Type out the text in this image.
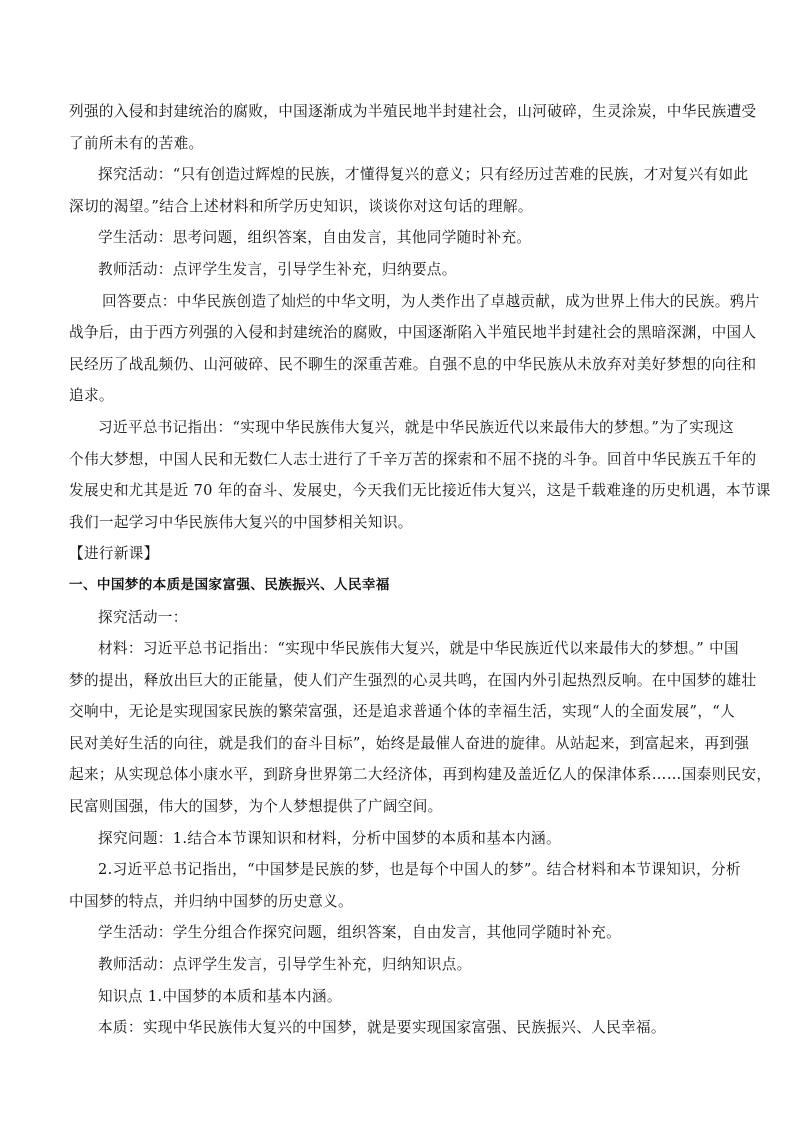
列强的入侵和封建统治的腐败，中国逐渐成为半殖民地半封建社会，山河破碎，生灵涂炭，中华民族遭受
了前所未有的苦难。
探究活动：“只有创造过辉煌的民族，才懂得复兴的意义；只有经历过苦难的民族，才对复兴有如此
深切的渴望。”结合上述材料和所学历史知识，谈谈你对这句话的理解。
学生活动：思考问题，组织答案，自由发言，其他同学随时补充。
教师活动：点评学生发言，引导学生补充，归纳要点。
回答要点：中华民族创造了灿烂的中华文明，为人类作出了卓越贡献，成为世界上伟大的民族。鸦片
战争后，由于西方列强的入侵和封建统治的腐败，中国逐渐陷入半殖民地半封建社会的黑暗深渊，中国人
民经历了战乱频仍、山河破碎、民不聊生的深重苦难。自强不息的中华民族从未放弃对美好梦想的向往和
追求。
习近平总书记指出：“实现中华民族伟大复兴，就是中华民族近代以来最伟大的梦想。”为了实现这
个伟大梦想，中国人民和无数仁人志士进行了千辛万苦的探索和不屈不挠的斗争。回首中华民族五千年的
发展史和尤其是近 70 年的奋斗、发展史，今天我们无比接近伟大复兴，这是千载难逢的历史机遇，本节课
我们一起学习中华民族伟大复兴的中国梦相关知识。
【进行新课】
一、中国梦的本质是国家富强、民族振兴、人民幸福
探究活动一：
材料：习近平总书记指出：“实现中华民族伟大复兴，就是中华民族近代以来最伟大的梦想。” 中国
梦的提出，释放出巨大的正能量，使人们产生强烈的心灵共鸣，在国内外引起热烈反响。在中国梦的雄壮
交响中，无论是实现国家民族的繁荣富强，还是追求普通个体的幸福生活，实现“人的全面发展”，“人
民对美好生活的向往，就是我们的奋斗目标”，始终是最催人奋进的旋律。从站起来，到富起来，再到强
起来；从实现总体小康水平，到跻身世界第二大经济体，再到构建及盖近亿人的保津体系……国泰则民安，
民富则国强，伟大的国梦，为个人梦想提供了广阔空间。
探究问题：1.结合本节课知识和材料，分析中国梦的本质和基本内涵。
2.习近平总书记指出，“中国梦是民族的梦，也是每个中国人的梦”。结合材料和本节课知识，分析
中国梦的特点，并归纳中国梦的历史意义。
学生活动：学生分组合作探究问题，组织答案，自由发言，其他同学随时补充。
教师活动：点评学生发言，引导学生补充，归纳知识点。
知识点 1.中国梦的本质和基本内涵。
本质：实现中华民族伟大复兴的中国梦，就是要实现国家富强、民族振兴、人民幸福。
